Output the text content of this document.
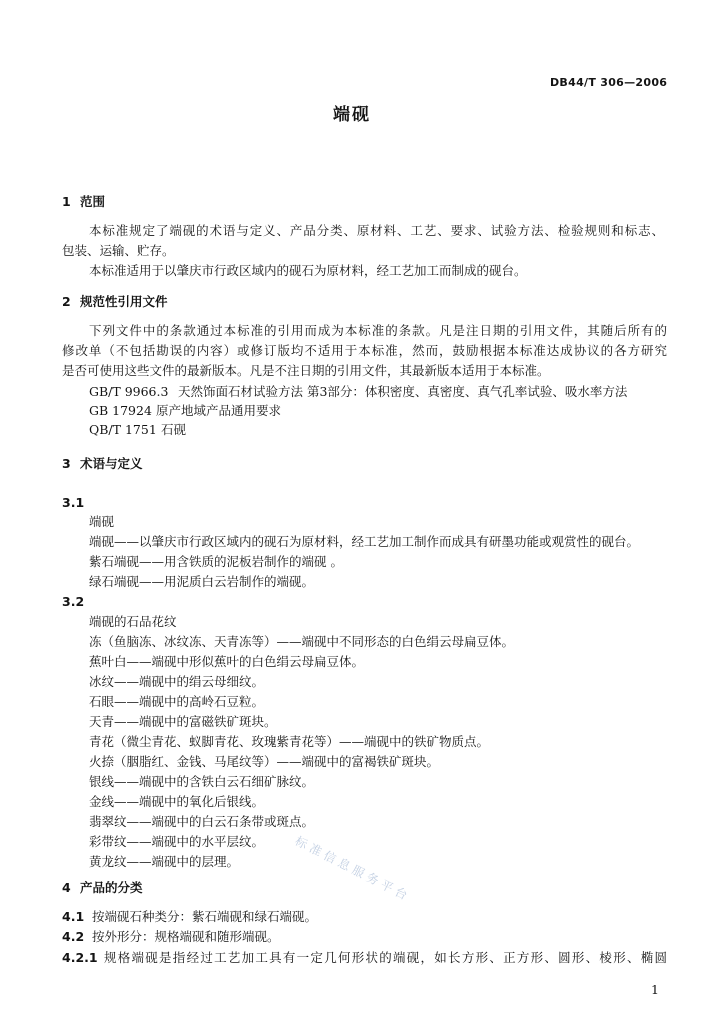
DB44/T 306—2006
端砚
1 范围
本标准规定了端砚的术语与定义、产品分类、原材料、工艺、要求、试验方法、检验规则和标志、
包装、运输、贮存。
本标准适用于以肇庆市行政区域内的砚石为原材料，经工艺加工而制成的砚台。
2 规范性引用文件
下列文件中的条款通过本标准的引用而成为本标准的条款。凡是注日期的引用文件，其随后所有的
修改单（不包括勘误的内容）或修订版均不适用于本标准，然而，鼓励根据本标准达成协议的各方研究
是否可使用这些文件的最新版本。凡是不注日期的引用文件，其最新版本适用于本标准。
GB/T 9966.3 天然饰面石材试验方法 第3部分：体积密度、真密度、真气孔率试验、吸水率方法
GB 17924 原产地域产品通用要求
QB/T 1751 石砚
3 术语与定义
3.1
端砚
端砚——以肇庆市行政区域内的砚石为原材料，经工艺加工制作而成具有研墨功能或观赏性的砚台。
紫石端砚——用含铁质的泥板岩制作的端砚 。
绿石端砚——用泥质白云岩制作的端砚。
3.2
端砚的石品花纹
冻（鱼脑冻、冰纹冻、天青冻等）——端砚中不同形态的白色绢云母扁豆体。
蕉叶白——端砚中形似蕉叶的白色绢云母扁豆体。
冰纹——端砚中的绢云母细纹。
石眼——端砚中的高岭石豆粒。
天青——端砚中的富磁铁矿斑块。
青花（微尘青花、蚁脚青花、玫瑰紫青花等）——端砚中的铁矿物质点。
火捺（胭脂红、金钱、马尾纹等）——端砚中的富褐铁矿斑块。
银线——端砚中的含铁白云石细矿脉纹。
金线——端砚中的氧化后银线。
翡翠纹——端砚中的白云石条带或斑点。
彩带纹——端砚中的水平层纹。
黄龙纹——端砚中的层理。
4 产品的分类
4.1 按端砚石种类分：紫石端砚和绿石端砚。
4.2 按外形分：规格端砚和随形端砚。
4.2.1 规格端砚是指经过工艺加工具有一定几何形状的端砚，如长方形、正方形、圆形、棱形、椭圆
标准信息服务平台
1
